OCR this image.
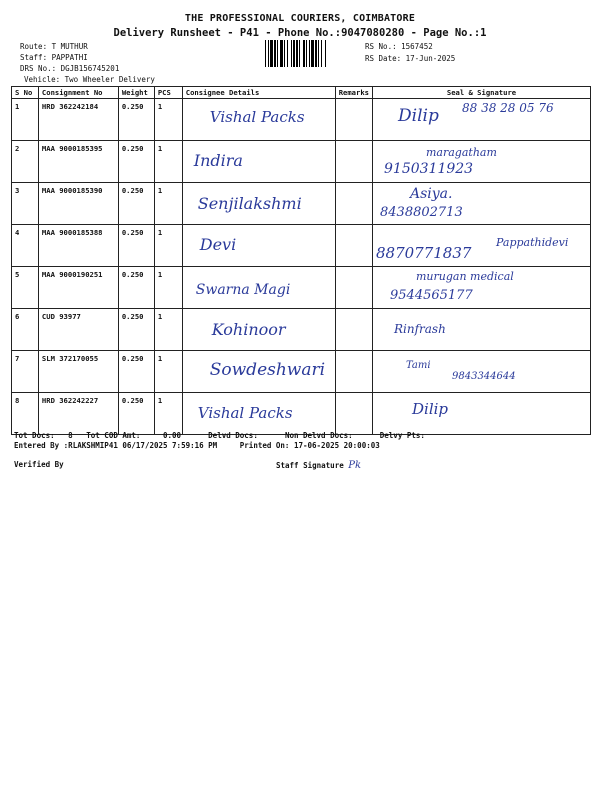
THE PROFESSIONAL COURIERS, COIMBATORE
Delivery Runsheet - P41 - Phone No.:9047080280 - Page No.:1
Route: T MUTHUR
Staff: PAPPATHI
DRS No.: DGJB156745201
Vehicle: Two Wheeler Delivery
RS No.: 1567452
RS Date: 17-Jun-2025
S No	Consignment No	Weight	PCS	Consignee Details	Remarks	Seal & Signature
1	HRD 362242184	0.250	1	Vishal Packs		Dilip 88 38 28 05 76

2	MAA 9000185395	0.250	1	Indira		maragatham
9150311923

3	MAA 9000185390	0.250	1	Senjilakshmi		Asiya.
8438802713

4	MAA 9000185388	0.250	1	Devi		Pappathidevi
8870771837

5	MAA 9000190251	0.250	1	Swarna Magi		murugan medical
9544565177

6	CUD 93977	0.250	1	Kohinoor		Rinfrash

7	SLM 372170055	0.250	1	Sowdeshwari		Tami
9843344644

8	HRD 362242227	0.250	1	Vishal Packs		Dilip
Tot Docs:   8 Tot COD Amt:     0.00	Delvd Docs:	Non Delvd Docs:	Delvy Pts:
Entered By :RLAKSHMIP41 06/17/2025 7:59:16 PM	Printed On: 17-06-2025 20:00:03
Verified By	Staff Signature Pk
